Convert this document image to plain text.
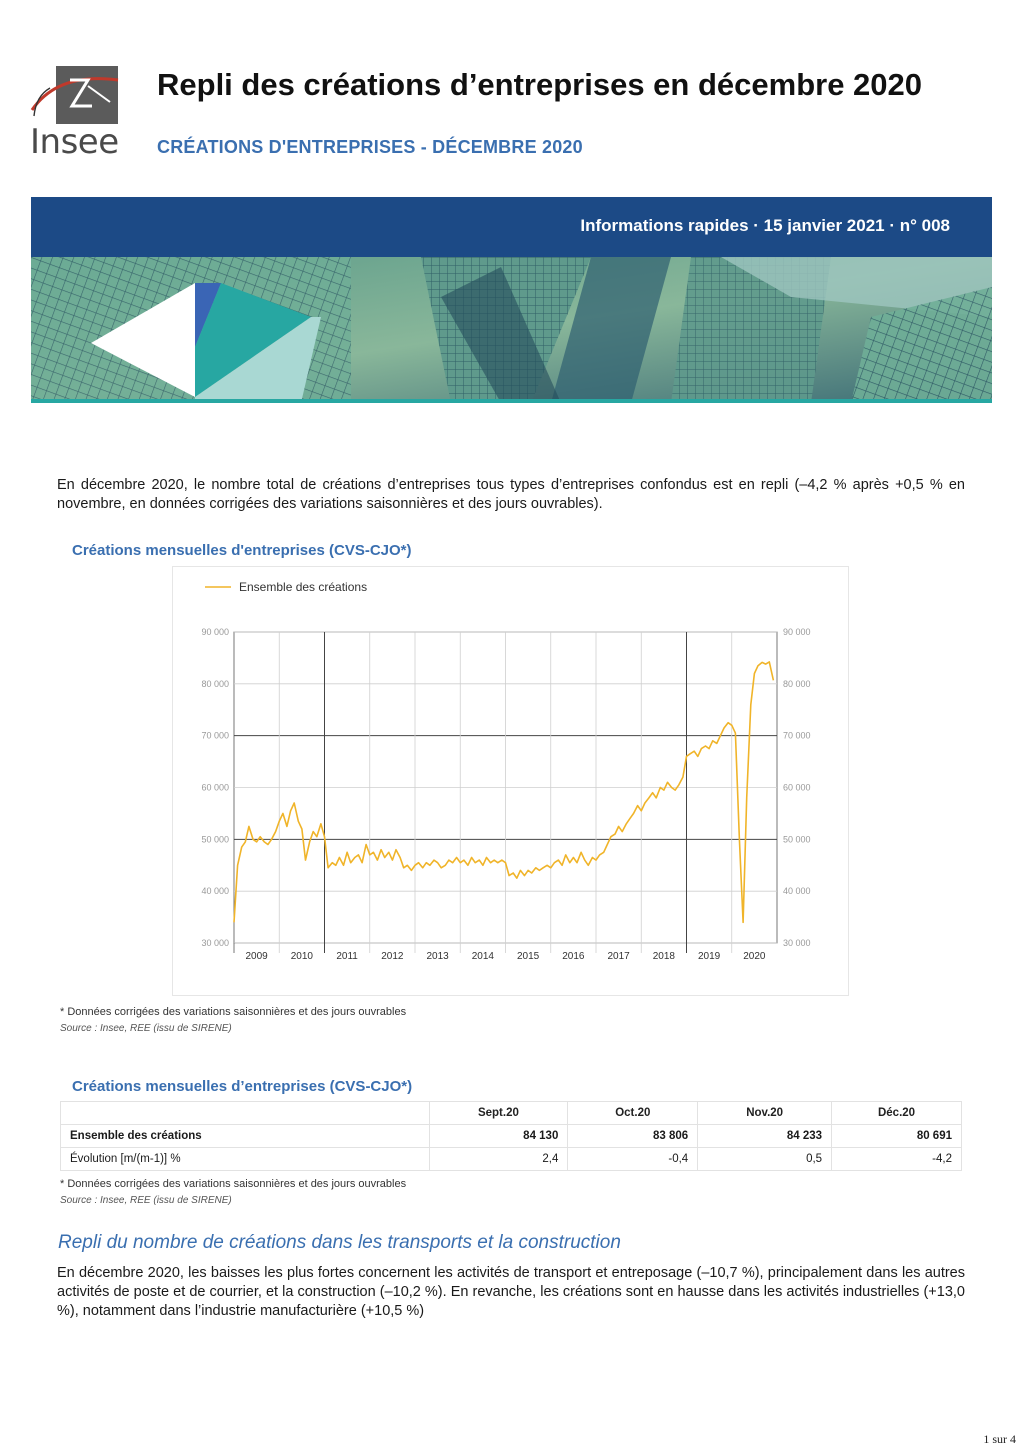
Insee
Repli des créations d’entreprises en décembre 2020
CRÉATIONS D'ENTREPRISES - DÉCEMBRE 2020
Informations rapides · 15 janvier 2021 · n° 008

En décembre 2020, le nombre total de créations d’entreprises tous types d’entreprises confondus est en repli (–4,2 % après +0,5 % en novembre, en données corrigées des variations saisonnières et des jours ouvrables).

Créations mensuelles d'entreprises (CVS-CJO*)
2009 2010 2011 2012 2013 2014 2015 2016 2017 2018 2019 2020
30 000	30 000
40 000	40 000
50 000	50 000
60 000	60 000
70 000	70 000
80 000	80 000
90 000	90 000
Ensemble des créations
* Données corrigées des variations saisonnières et des jours ouvrables
Source : Insee, REE (issu de SIRENE)
Créations mensuelles d’entreprises (CVS-CJO*)
	Sept.20	Oct.20	Nov.20	Déc.20
Ensemble des créations	84 130	83 806	84 233	80 691
Évolution [m/(m-1)] %	2,4	-0,4	0,5	-4,2
* Données corrigées des variations saisonnières et des jours ouvrables
Source : Insee, REE (issu de SIRENE)
Repli du nombre de créations dans les transports et la construction

En décembre 2020, les baisses les plus fortes concernent les activités de transport et entreposage (–10,7 %), principalement dans les autres activités de poste et de courrier, et la construction (–10,2 %). En revanche, les créations sont en hausse dans les activités industrielles (+13,0 %), notamment dans l’industrie manufacturière (+10,5 %)

1 sur 4
